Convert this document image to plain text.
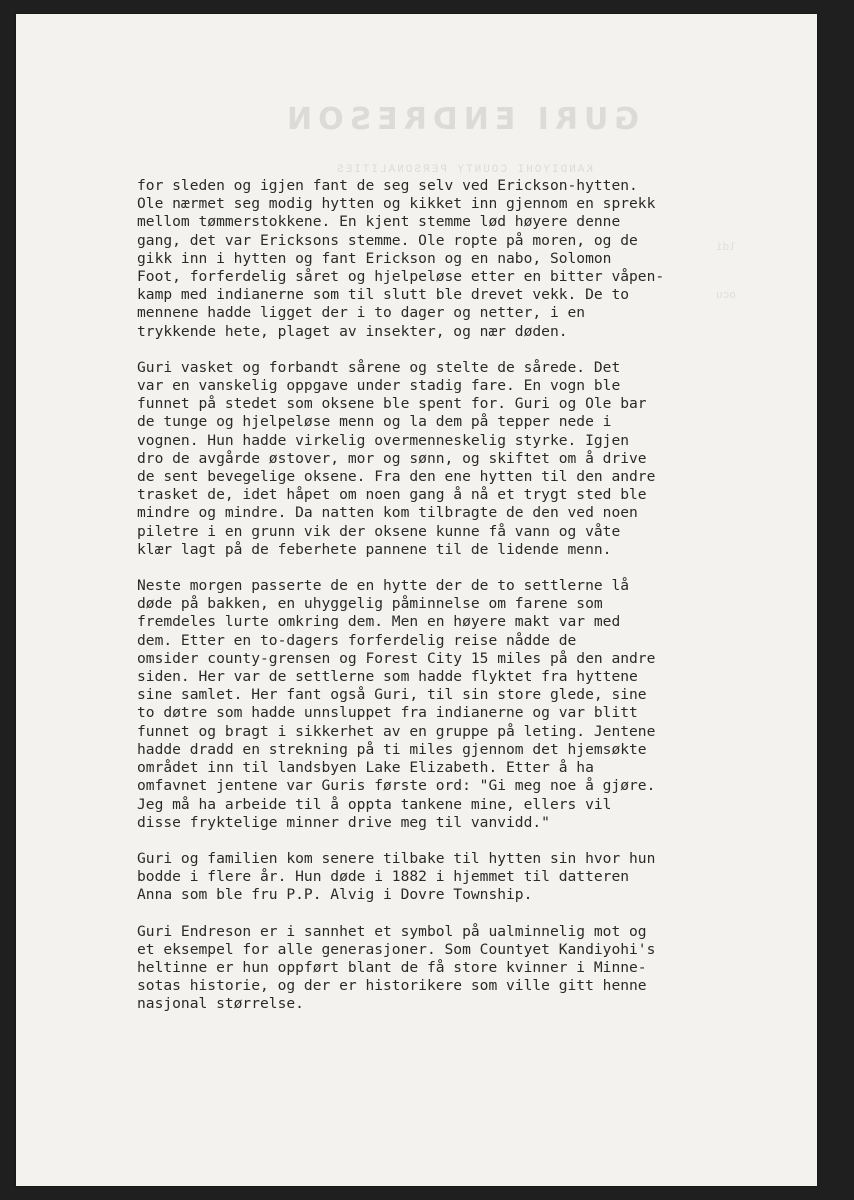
GURI ENDRESON
KANDIYOHI COUNTY PERSONALITIES
ldi
ocu
for sleden og igjen fant de seg selv ved Erickson-hytten.
Ole nærmet seg modig hytten og kikket inn gjennom en sprekk
mellom tømmerstokkene. En kjent stemme lød høyere denne
gang, det var Ericksons stemme. Ole ropte på moren, og de
gikk inn i hytten og fant Erickson og en nabo, Solomon
Foot, forferdelig såret og hjelpeløse etter en bitter våpen-
kamp med indianerne som til slutt ble drevet vekk. De to
mennene hadde ligget der i to dager og netter, i en
trykkende hete, plaget av insekter, og nær døden.
Guri vasket og forbandt sårene og stelte de sårede. Det
var en vanskelig oppgave under stadig fare. En vogn ble
funnet på stedet som oksene ble spent for. Guri og Ole bar
de tunge og hjelpeløse menn og la dem på tepper nede i
vognen. Hun hadde virkelig overmenneskelig styrke. Igjen
dro de avgårde østover, mor og sønn, og skiftet om å drive
de sent bevegelige oksene. Fra den ene hytten til den andre
trasket de, idet håpet om noen gang å nå et trygt sted ble
mindre og mindre. Da natten kom tilbragte de den ved noen
piletre i en grunn vik der oksene kunne få vann og våte
klær lagt på de feberhete pannene til de lidende menn.
Neste morgen passerte de en hytte der de to settlerne lå
døde på bakken, en uhyggelig påminnelse om farene som
fremdeles lurte omkring dem. Men en høyere makt var med
dem. Etter en to-dagers forferdelig reise nådde de
omsider county-grensen og Forest City 15 miles på den andre
siden. Her var de settlerne som hadde flyktet fra hyttene
sine samlet. Her fant også Guri, til sin store glede, sine
to døtre som hadde unnsluppet fra indianerne og var blitt
funnet og bragt i sikkerhet av en gruppe på leting. Jentene
hadde dradd en strekning på ti miles gjennom det hjemsøkte
området inn til landsbyen Lake Elizabeth. Etter å ha
omfavnet jentene var Guris første ord: "Gi meg noe å gjøre.
Jeg må ha arbeide til å oppta tankene mine, ellers vil
disse fryktelige minner drive meg til vanvidd."
Guri og familien kom senere tilbake til hytten sin hvor hun
bodde i flere år. Hun døde i 1882 i hjemmet til datteren
Anna som ble fru P.P. Alvig i Dovre Township.
Guri Endreson er i sannhet et symbol på ualminnelig mot og
et eksempel for alle generasjoner. Som Countyet Kandiyohi's
heltinne er hun oppført blant de få store kvinner i Minne-
sotas historie, og der er historikere som ville gitt henne
nasjonal størrelse.
